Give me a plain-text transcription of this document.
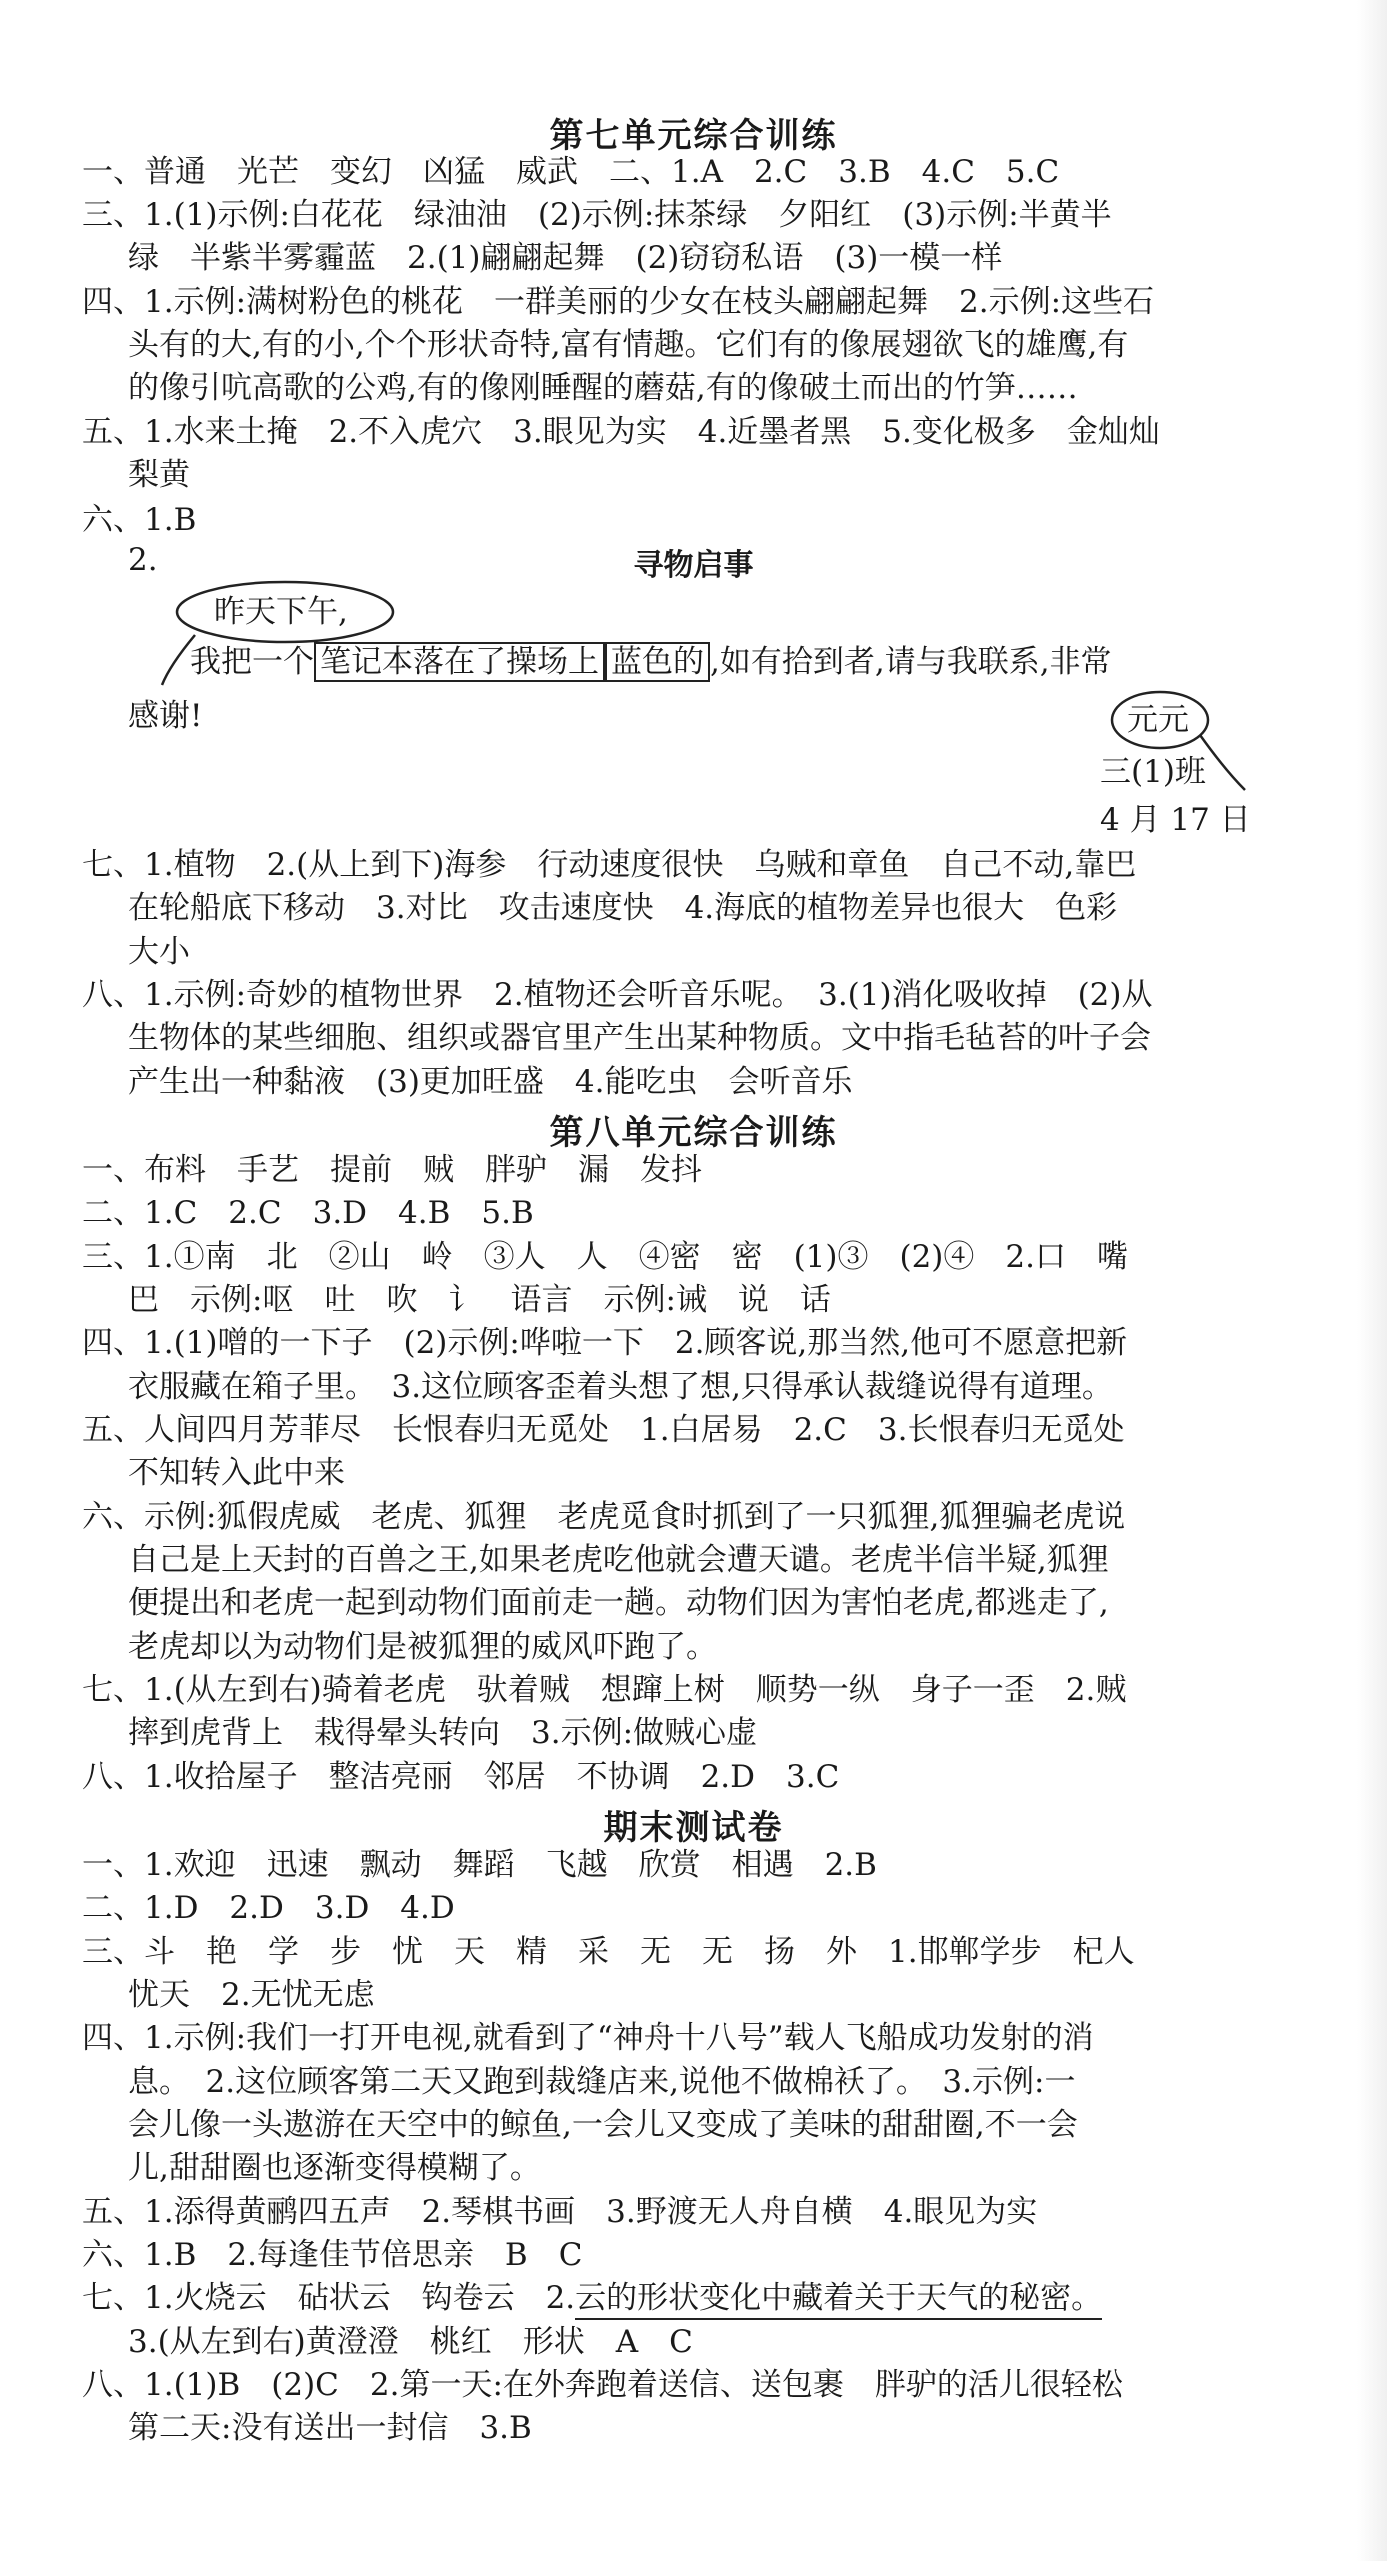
第七单元综合训练
一、普通　光芒　变幻　凶猛　威武　二、1.A　2.C　3.B　4.C　5.C
三、1.(1)示例:白花花　绿油油　(2)示例:抹茶绿　夕阳红　(3)示例:半黄半
绿　半紫半雾霾蓝　2.(1)翩翩起舞　(2)窃窃私语　(3)一模一样
四、1.示例:满树粉色的桃花　一群美丽的少女在枝头翩翩起舞　2.示例:这些石
头有的大,有的小,个个形状奇特,富有情趣。它们有的像展翅欲飞的雄鹰,有
的像引吭高歌的公鸡,有的像刚睡醒的蘑菇,有的像破土而出的竹笋……
五、1.水来土掩　2.不入虎穴　3.眼见为实　4.近墨者黑　5.变化极多　金灿灿
梨黄
六、1.B
2.	寻物启事
昨天下午,
我把一个 笔记本落在了操场上 蓝色的 ,如有拾到者,请与我联系,非常
感谢!	元元
三(1)班
4 月 17 日
七、1.植物　2.(从上到下)海参　行动速度很快　乌贼和章鱼　自己不动,靠巴
在轮船底下移动　3.对比　攻击速度快　4.海底的植物差异也很大　色彩
大小
八、1.示例:奇妙的植物世界　2.植物还会听音乐呢。　3.(1)消化吸收掉　(2)从
生物体的某些细胞、组织或器官里产生出某种物质。文中指毛毡苔的叶子会
产生出一种黏液　(3)更加旺盛　4.能吃虫　会听音乐
第八单元综合训练
一、布料　手艺　提前　贼　胖驴　漏　发抖
二、1.C　2.C　3.D　4.B　5.B
三、1.①南　北　②山　岭　③人　人　④密　密　(1)③　(2)④　2.口　嘴
巴　示例:呕　吐　吹　讠　语言　示例:诫　说　话
四、1.(1)噌的一下子　(2)示例:哗啦一下　2.顾客说,那当然,他可不愿意把新
衣服藏在箱子里。　3.这位顾客歪着头想了想,只得承认裁缝说得有道理。
五、人间四月芳菲尽　长恨春归无觅处　1.白居易　2.C　3.长恨春归无觅处
不知转入此中来
六、示例:狐假虎威　老虎、狐狸　老虎觅食时抓到了一只狐狸,狐狸骗老虎说
自己是上天封的百兽之王,如果老虎吃他就会遭天谴。老虎半信半疑,狐狸
便提出和老虎一起到动物们面前走一趟。动物们因为害怕老虎,都逃走了,
老虎却以为动物们是被狐狸的威风吓跑了。
七、1.(从左到右)骑着老虎　驮着贼　想蹿上树　顺势一纵　身子一歪　2.贼
摔到虎背上　栽得晕头转向　3.示例:做贼心虚
八、1.收拾屋子　整洁亮丽　邻居　不协调　2.D　3.C
期末测试卷
一、1.欢迎　迅速　飘动　舞蹈　飞越　欣赏　相遇　2.B
二、1.D　2.D　3.D　4.D
三、斗　艳　学　步　忧　天　精　采　无　无　扬　外　1.邯郸学步　杞人
忧天　2.无忧无虑
四、1.示例:我们一打开电视,就看到了“神舟十八号”载人飞船成功发射的消
息。　2.这位顾客第二天又跑到裁缝店来,说他不做棉袄了。　3.示例:一
会儿像一头遨游在天空中的鲸鱼,一会儿又变成了美味的甜甜圈,不一会
儿,甜甜圈也逐渐变得模糊了。
五、1.添得黄鹂四五声　2.琴棋书画　3.野渡无人舟自横　4.眼见为实
六、1.B　2.每逢佳节倍思亲　B　C
七、1.火烧云　砧状云　钩卷云　2.云的形状变化中藏着关于天气的秘密。
3.(从左到右)黄澄澄　桃红　形状　A　C
八、1.(1)B　(2)C　2.第一天:在外奔跑着送信、送包裹　胖驴的活儿很轻松
第二天:没有送出一封信　3.B
